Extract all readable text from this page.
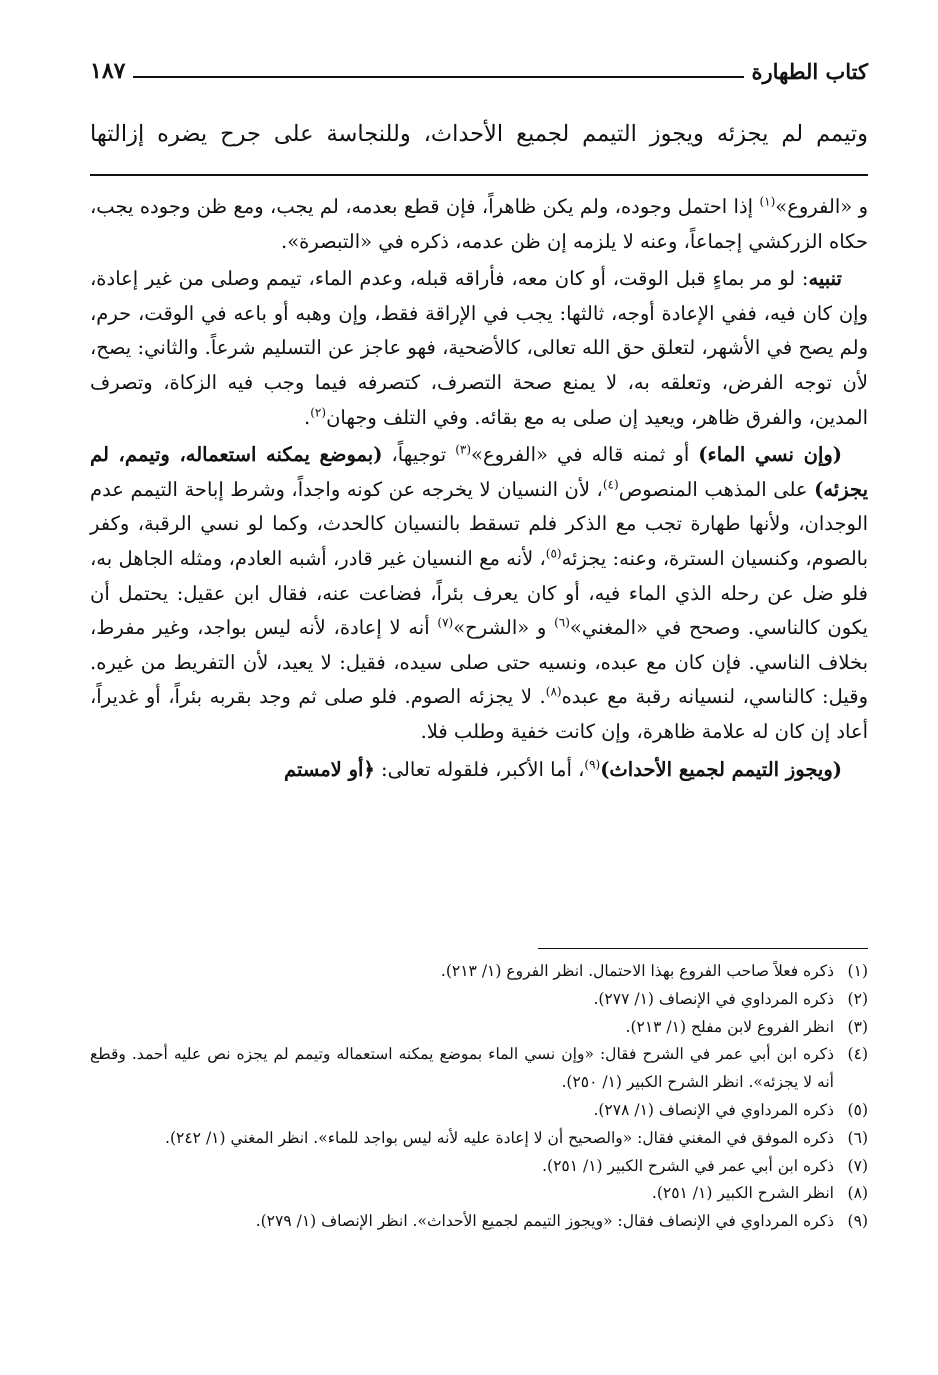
كتاب الطهارة
١٨٧
وتيمم لم يجزئه ويجوز التيمم لجميع الأحداث، وللنجاسة على جرح يضره إزالتها

و «الفروع»$^{(١)}$ إذا احتمل وجوده، ولم يكن ظاهراً، فإن قطع بعدمه، لم يجب، ومع ظن وجوده يجب، حكاه الزركشي إجماعاً، وعنه لا يلزمه إن ظن عدمه، ذكره في «التبصرة».

تنبيه: لو مر بماءٍ قبل الوقت، أو كان معه، فأراقه قبله، وعدم الماء، تيمم وصلى من غير إعادة، وإن كان فيه، ففي الإعادة أوجه، ثالثها: يجب في الإراقة فقط، وإن وهبه أو باعه في الوقت، حرم، ولم يصح في الأشهر، لتعلق حق الله تعالى، كالأضحية، فهو عاجز عن التسليم شرعاً. والثاني: يصح، لأن توجه الفرض، وتعلقه به، لا يمنع صحة التصرف، كتصرفه فيما وجب فيه الزكاة، وتصرف المدين، والفرق ظاهر، ويعيد إن صلى به مع بقائه. وفي التلف وجهان$^{(٢)}$.

(وإن نسي الماء) أو ثمنه قاله في «الفروع»$^{(٣)}$ توجيهاً، (بموضع يمكنه استعماله، وتيمم، لم يجزئه) على المذهب المنصوص$^{(٤)}$، لأن النسيان لا يخرجه عن كونه واجداً، وشرط إباحة التيمم عدم الوجدان، ولأنها طهارة تجب مع الذكر فلم تسقط بالنسيان كالحدث، وكما لو نسي الرقبة، وكفر بالصوم، وكنسيان السترة، وعنه: يجزئه$^{(٥)}$، لأنه مع النسيان غير قادر، أشبه العادم، ومثله الجاهل به، فلو ضل عن رحله الذي الماء فيه، أو كان يعرف بئراً، فضاعت عنه، فقال ابن عقيل: يحتمل أن يكون كالناسي. وصحح في «المغني»$^{(٦)}$ و «الشرح»$^{(٧)}$ أنه لا إعادة، لأنه ليس بواجد، وغير مفرط، بخلاف الناسي. فإن كان مع عبده، ونسيه حتى صلى سيده، فقيل: لا يعيد، لأن التفريط من غيره. وقيل: كالناسي، لنسيانه رقبة مع عبده$^{(٨)}$. لا يجزئه الصوم. فلو صلى ثم وجد بقربه بئراً، أو غديراً، أعاد إن كان له علامة ظاهرة، وإن كانت خفية وطلب فلا.

(ويجوز التيمم لجميع الأحداث)$^{(٩)}$، أما الأكبر، فلقوله تعالى: ﴿أو لامستم

(١)
ذكره فعلاً صاحب الفروع بهذا الاحتمال. انظر الفروع (١/ ٢١٣).
(٢)
ذكره المرداوي في الإنصاف (١/ ٢٧٧).
(٣)
انظر الفروع لابن مفلح (١/ ٢١٣).
(٤)
ذكره ابن أبي عمر في الشرح فقال: «وإن نسي الماء بموضع يمكنه استعماله وتيمم لم يجزه نص عليه أحمد. وقطع أنه لا يجزئه». انظر الشرح الكبير (١/ ٢٥٠).
(٥)
ذكره المرداوي في الإنصاف (١/ ٢٧٨).
(٦)
ذكره الموفق في المغني فقال: «والصحيح أن لا إعادة عليه لأنه ليس بواجد للماء». انظر المغني (١/ ٢٤٢).
(٧)
ذكره ابن أبي عمر في الشرح الكبير (١/ ٢٥١).
(٨)
انظر الشرح الكبير (١/ ٢٥١).
(٩)
ذكره المرداوي في الإنصاف فقال: «ويجوز التيمم لجميع الأحداث». انظر الإنصاف (١/ ٢٧٩).
